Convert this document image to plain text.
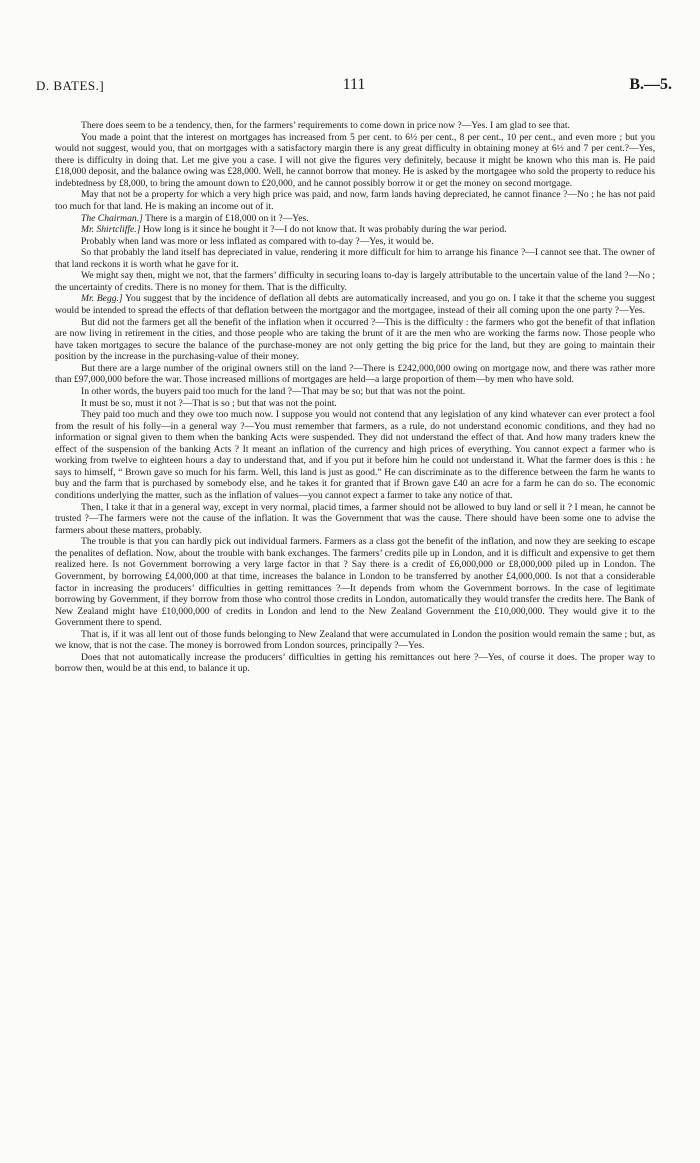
D. BATES.]	111	B.—5.

There does seem to be a tendency, then, for the farmers’ requirements to come down in price now ?—Yes. I am glad to see that.

You made a point that the interest on mortgages has increased from 5 per cent. to 6½ per cent., 8 per cent., 10 per cent., and even more ; but you would not suggest, would you, that on mortgages with a satisfactory margin there is any great difficulty in obtaining money at 6½ and 7 per cent.?—Yes, there is difficulty in doing that. Let me give you a case. I will not give the figures very definitely, because it might be known who this man is. He paid £18,000 deposit, and the balance owing was £28,000. Well, he cannot borrow that money. He is asked by the mortgagee who sold the property to reduce his indebtedness by £8,000, to bring the amount down to £20,000, and he cannot possibly borrow it or get the money on second mortgage.

May that not be a property for which a very high price was paid, and now, farm lands having depreciated, he cannot finance ?—No ; he has not paid too much for that land. He is making an income out of it.

The Chairman.] There is a margin of £18,000 on it ?—Yes.

Mr. Shirtcliffe.] How long is it since he bought it ?—I do not know that. It was probably during the war period.

Probably when land was more or less inflated as compared with to-day ?—Yes, it would be.

So that probably the land itself has depreciated in value, rendering it more difficult for him to arrange his finance ?—I cannot see that. The owner of that land reckons it is worth what he gave for it.

We might say then, might we not, that the farmers’ difficulty in securing loans to-day is largely attributable to the uncertain value of the land ?—No ; the uncertainty of credits. There is no money for them. That is the difficulty.

Mr. Begg.] You suggest that by the incidence of deflation all debts are automatically increased, and you go on. I take it that the scheme you suggest would be intended to spread the effects of that deflation between the mortgagor and the mortgagee, instead of their all coming upon the one party ?—Yes.

But did not the farmers get all the benefit of the inflation when it occurred ?—This is the difficulty : the farmers who got the benefit of that inflation are now living in retirement in the cities, and those people who are taking the brunt of it are the men who are working the farms now. Those people who have taken mortgages to secure the balance of the purchase-money are not only getting the big price for the land, but they are going to maintain their position by the increase in the purchasing-value of their money.

But there are a large number of the original owners still on the land ?—There is £242,000,000 owing on mortgage now, and there was rather more than £97,000,000 before the war. Those increased millions of mortgages are held—a large proportion of them—by men who have sold.

In other words, the buyers paid too much for the land ?—That may be so; but that was not the point.

It must be so, must it not ?—That is so ; but that was not the point.

They paid too much and they owe too much now. I suppose you would not contend that any legislation of any kind whatever can ever protect a fool from the result of his folly—in a general way ?—You must remember that farmers, as a rule, do not understand economic conditions, and they had no information or signal given to them when the banking Acts were suspended. They did not understand the effect of that. And how many traders knew the effect of the suspension of the banking Acts ? It meant an inflation of the currency and high prices of everything. You cannot expect a farmer who is working from twelve to eighteen hours a day to understand that, and if you put it before him he could not understand it. What the farmer does is this : he says to himself, “ Brown gave so much for his farm. Well, this land is just as good.” He can discriminate as to the difference between the farm he wants to buy and the farm that is purchased by somebody else, and he takes it for granted that if Brown gave £40 an acre for a farm he can do so. The economic conditions underlying the matter, such as the inflation of values—you cannot expect a farmer to take any notice of that.

Then, I take it that in a general way, except in very normal, placid times, a farmer should not be allowed to buy land or sell it ? I mean, he cannot be trusted ?—The farmers were not the cause of the inflation. It was the Government that was the cause. There should have been some one to advise the farmers about these matters, probably.

The trouble is that you can hardly pick out individual farmers. Farmers as a class got the benefit of the inflation, and now they are seeking to escape the penalites of deflation. Now, about the trouble with bank exchanges. The farmers’ credits pile up in London, and it is difficult and expensive to get them realized here. Is not Government borrowing a very large factor in that ? Say there is a credit of £6,000,000 or £8,000,000 piled up in London. The Government, by borrowing £4,000,000 at that time, increases the balance in London to be transferred by another £4,000,000. Is not that a considerable factor in increasing the producers’ difficulties in getting remittances ?—It depends from whom the Government borrows. In the case of legitimate borrowing by Government, if they borrow from those who control those credits in London, automatically they would transfer the credits here. The Bank of New Zealand might have £10,000,000 of credits in London and lend to the New Zealand Government the £10,000,000. They would give it to the Government there to spend.

That is, if it was all lent out of those funds belonging to New Zealand that were accumulated in London the position would remain the same ; but, as we know, that is not the case. The money is borrowed from London sources, principally ?—Yes.

Does that not automatically increase the producers’ difficulties in getting his remittances out here ?—Yes, of course it does. The proper way to borrow then, would be at this end, to balance it up.
